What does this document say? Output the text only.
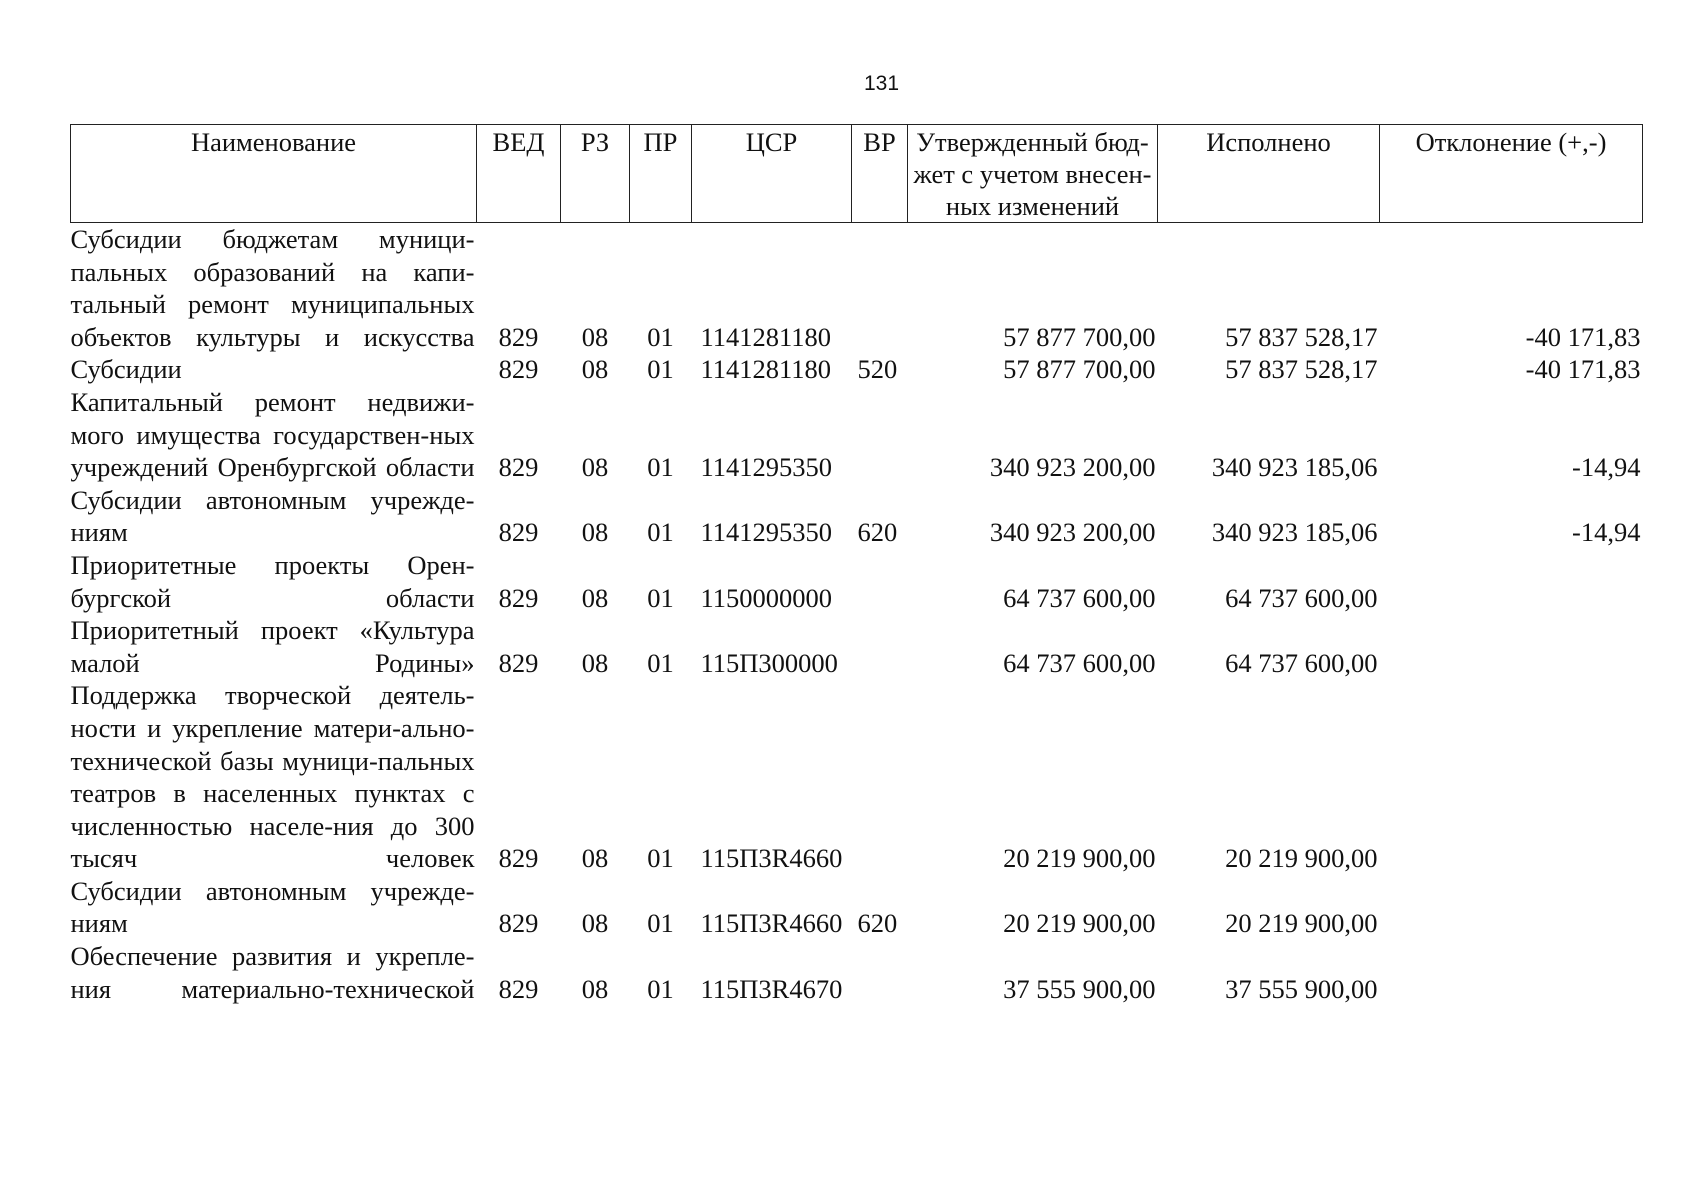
131
Наименование	ВЕД	РЗ	ПР	ЦСР	ВР	Утвержденный бюд-жет с учетом внесен-ных изменений	Исполнено	Отклонение (+,-)
Субсидии бюджетам муници-пальных образований на капи-тальный ремонт муниципальных объектов культуры и искусства	829	08	01	1141281180		57 877 700,00	57 837 528,17	-40 171,83
Субсидии	829	08	01	1141281180	520	57 877 700,00	57 837 528,17	-40 171,83
Капитальный ремонт недвижи-мого имущества государствен-ных учреждений Оренбургской области	829	08	01	1141295350		340 923 200,00	340 923 185,06	-14,94
Субсидии автономным учрежде-ниям	829	08	01	1141295350	620	340 923 200,00	340 923 185,06	-14,94
Приоритетные проекты Орен-бургской области	829	08	01	1150000000		64 737 600,00	64 737 600,00	
Приоритетный проект «Культура малой Родины»	829	08	01	115П300000		64 737 600,00	64 737 600,00	
Поддержка творческой деятель-ности и укрепление матери-ально-технической базы муници-пальных театров в населенных пунктах с численностью населе-ния до 300 тысяч человек	829	08	01	115П3R4660		20 219 900,00	20 219 900,00	
Субсидии автономным учрежде-ниям	829	08	01	115П3R4660	620	20 219 900,00	20 219 900,00	
Обеспечение развития и укрепле-ния материально-технической	829	08	01	115П3R4670		37 555 900,00	37 555 900,00	
